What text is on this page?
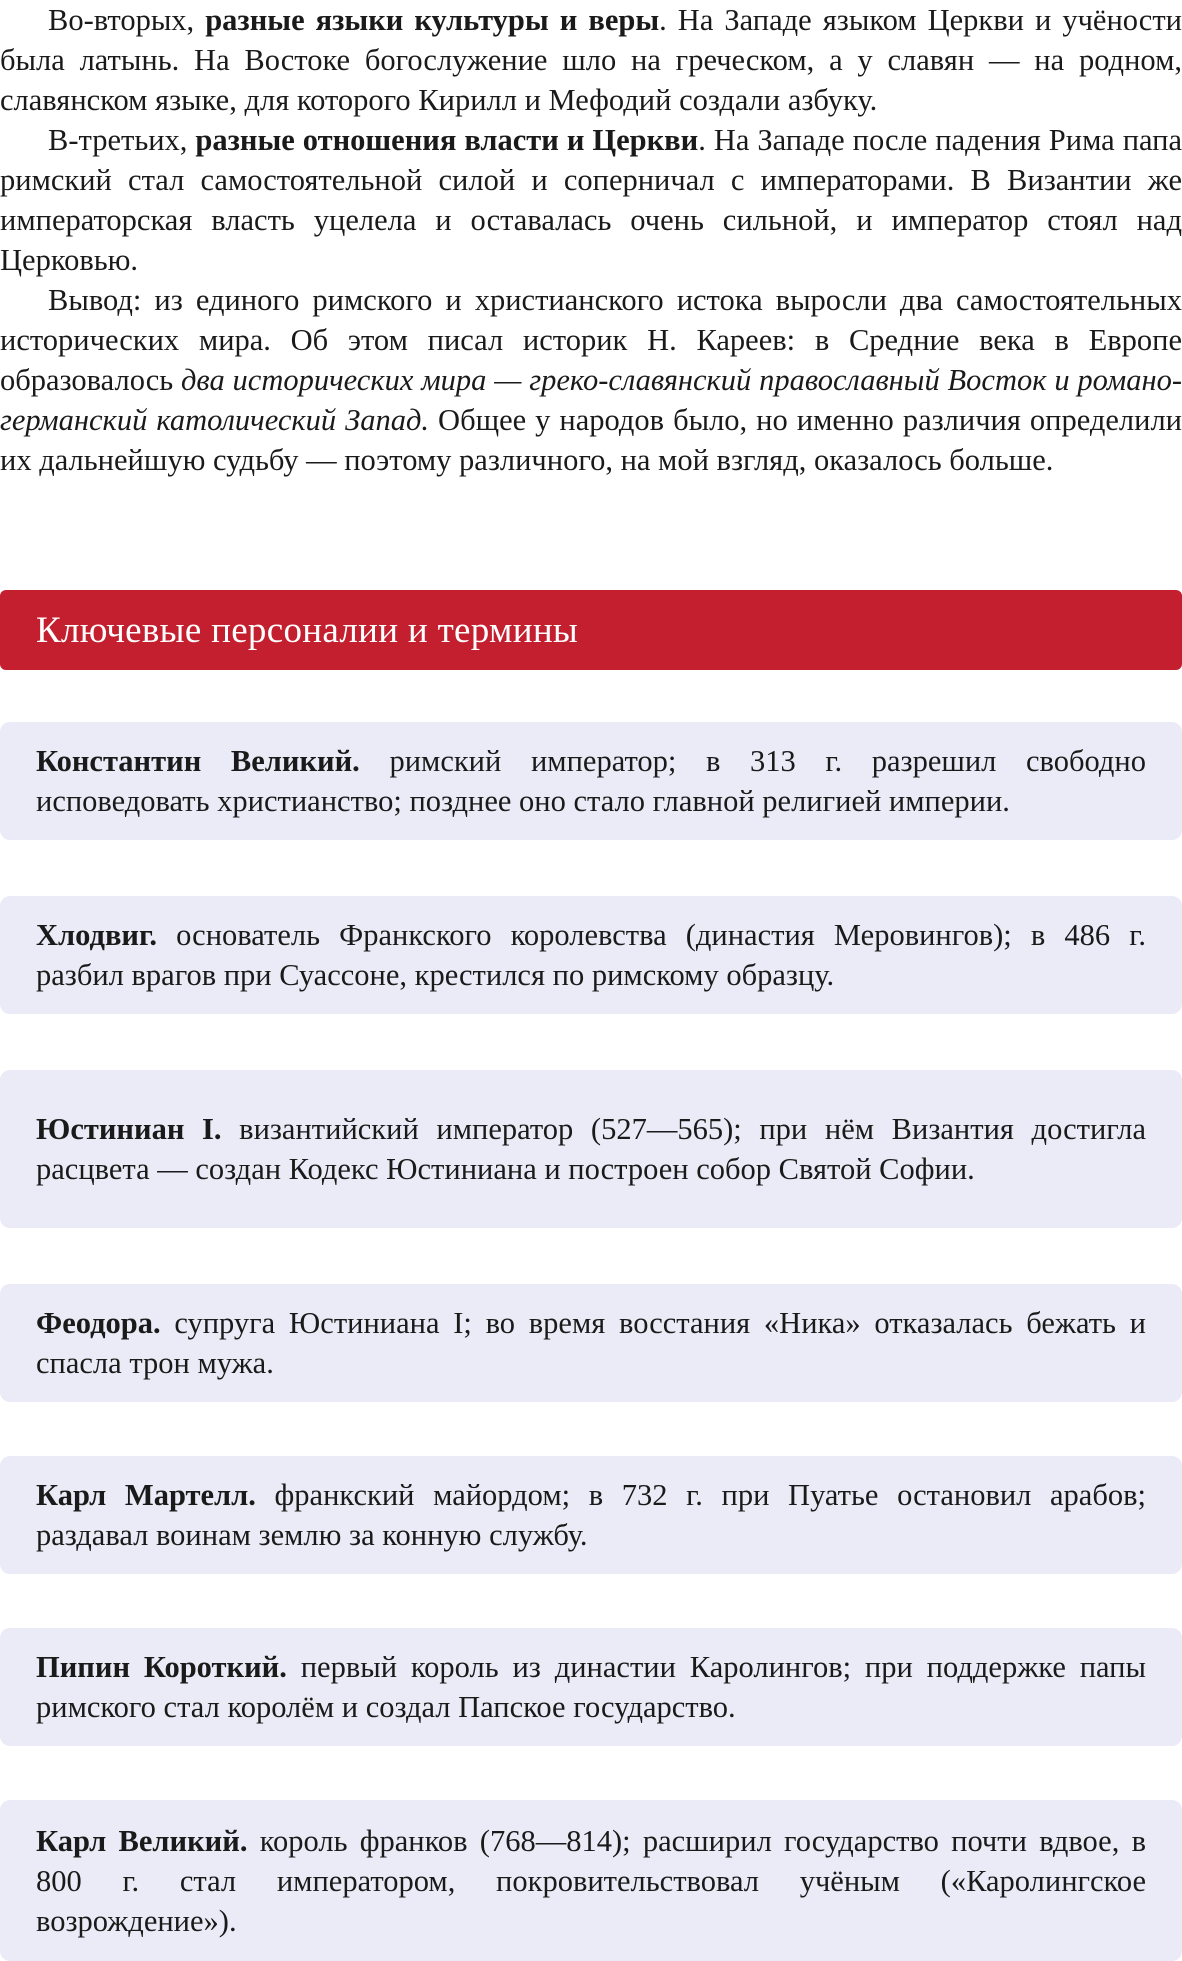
Во-вторых, разные языки культуры и веры. На Западе языком Церкви и учёности была латынь. На Востоке богослужение шло на греческом, а у славян — на родном, славянском языке, для которого Кирилл и Мефодий создали азбуку.

В-третьих, разные отношения власти и Церкви. На Западе после падения Рима папа римский стал самостоятельной силой и соперничал с императорами. В Византии же императорская власть уцелела и оставалась очень сильной, и император стоял над Церковью.

Вывод: из единого римского и христианского истока выросли два самостоятельных исторических мира. Об этом писал историк Н. Кареев: в Средние века в Европе образовалось два исторических мира — греко-славянский православный Восток и романо-германский католический Запад. Общее у народов было, но именно различия определили их дальнейшую судьбу — поэтому различного, на мой взгляд, оказалось больше.

Ключевые персоналии и термины
Константин Великий. римский император; в 313 г. разрешил свободно исповедовать христианство; позднее оно стало главной религией империи.
Хлодвиг. основатель Франкского королевства (династия Меровингов); в 486 г. разбил врагов при Суассоне, крестился по римскому образцу.
Юстиниан I. византийский император (527—565); при нём Византия достигла расцвета — создан Кодекс Юстиниана и построен собор Святой Софии.
Феодора. супруга Юстиниана I; во время восстания «Ника» отказалась бежать и спасла трон мужа.
Карл Мартелл. франкский майордом; в 732 г. при Пуатье остановил арабов; раздавал воинам землю за конную службу.
Пипин Короткий. первый король из династии Каролингов; при поддержке папы римского стал королём и создал Папское государство.
Карл Великий. король франков (768—814); расширил государство почти вдвое, в 800 г. стал императором, покровительствовал учёным («Каролингское возрождение»).
